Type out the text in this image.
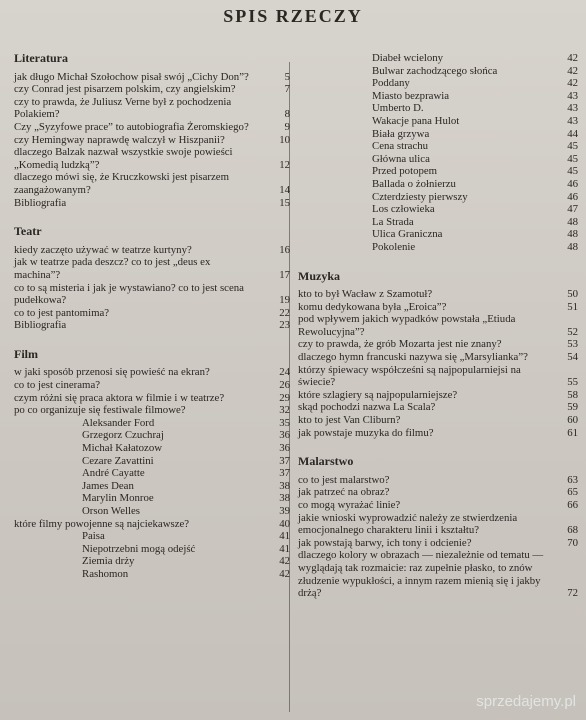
SPIS RZECZY
Literatura
jak długo Michał Szołochow pisał swój „Cichy Don”?	5
czy Conrad jest pisarzem polskim, czy angielskim?	7
czy to prawda, że Juliusz Verne był z pochodzenia Polakiem?	8
Czy „Syzyfowe prace” to autobiografia Żeromskiego?	9
czy Hemingway naprawdę walczył w Hiszpanii?	10
dlaczego Balzak nazwał wszystkie swoje powieści „Komedią ludzką”?	12
dlaczego mówi się, że Kruczkowski jest pisarzem zaangażowanym?	14
Bibliografia	15
Teatr
kiedy zaczęto używać w teatrze kurtyny?	16
jak w teatrze pada deszcz? co to jest „deus ex machina”?	17
co to są misteria i jak je wystawiano? co to jest scena pudełkowa?	19
co to jest pantomima?	22
Bibliografia	23
Film
w jaki sposób przenosi się powieść na ekran?	24
co to jest cinerama?	26
czym różni się praca aktora w filmie i w teatrze?	29
po co organizuje się festiwale filmowe?	32
Aleksander Ford	35
Grzegorz Czuchraj	36
Michał Kałatozow	36
Cezare Zavattini	37
André Cayatte	37
James Dean	38
Marylin Monroe	38
Orson Welles	39
które filmy powojenne są najciekawsze?	40
Paisa	41
Niepotrzebni mogą odejść	41
Ziemia drży	42
Rashomon	42
Diabeł wcielony	42
Bulwar zachodzącego słońca	42
Poddany	42
Miasto bezprawia	43
Umberto D.	43
Wakacje pana Hulot	43
Biała grzywa	44
Cena strachu	45
Główna ulica	45
Przed potopem	45
Ballada o żołnierzu	46
Czterdziesty pierwszy	46
Los człowieka	47
La Strada	48
Ulica Graniczna	48
Pokolenie	48
Muzyka
kto to był Wacław z Szamotuł?	50
komu dedykowana była „Eroica”?	51
pod wpływem jakich wypadków powstała „Etiuda Rewolucyjna”?	52
czy to prawda, że grób Mozarta jest nie znany?	53
dlaczego hymn francuski nazywa się „Marsylianka”?	54
którzy śpiewacy współcześni są najpopularniejsi na świecie?	55
które szlagiery są najpopularniejsze?	58
skąd pochodzi nazwa La Scala?	59
kto to jest Van Cliburn?	60
jak powstaje muzyka do filmu?	61
Malarstwo
co to jest malarstwo?	63
jak patrzeć na obraz?	65
co mogą wyrażać linie?	66
jakie wnioski wyprowadzić należy ze stwierdzenia emocjonalnego charakteru linii i kształtu?	68
jak powstają barwy, ich tony i odcienie?	70
dlaczego kolory w obrazach — niezależnie od tematu — wyglądają tak rozmaicie: raz zupełnie płasko, to znów złudzenie wypukłości, a innym razem mienią się i jakby drżą?	72
sprzedajemy.pl
